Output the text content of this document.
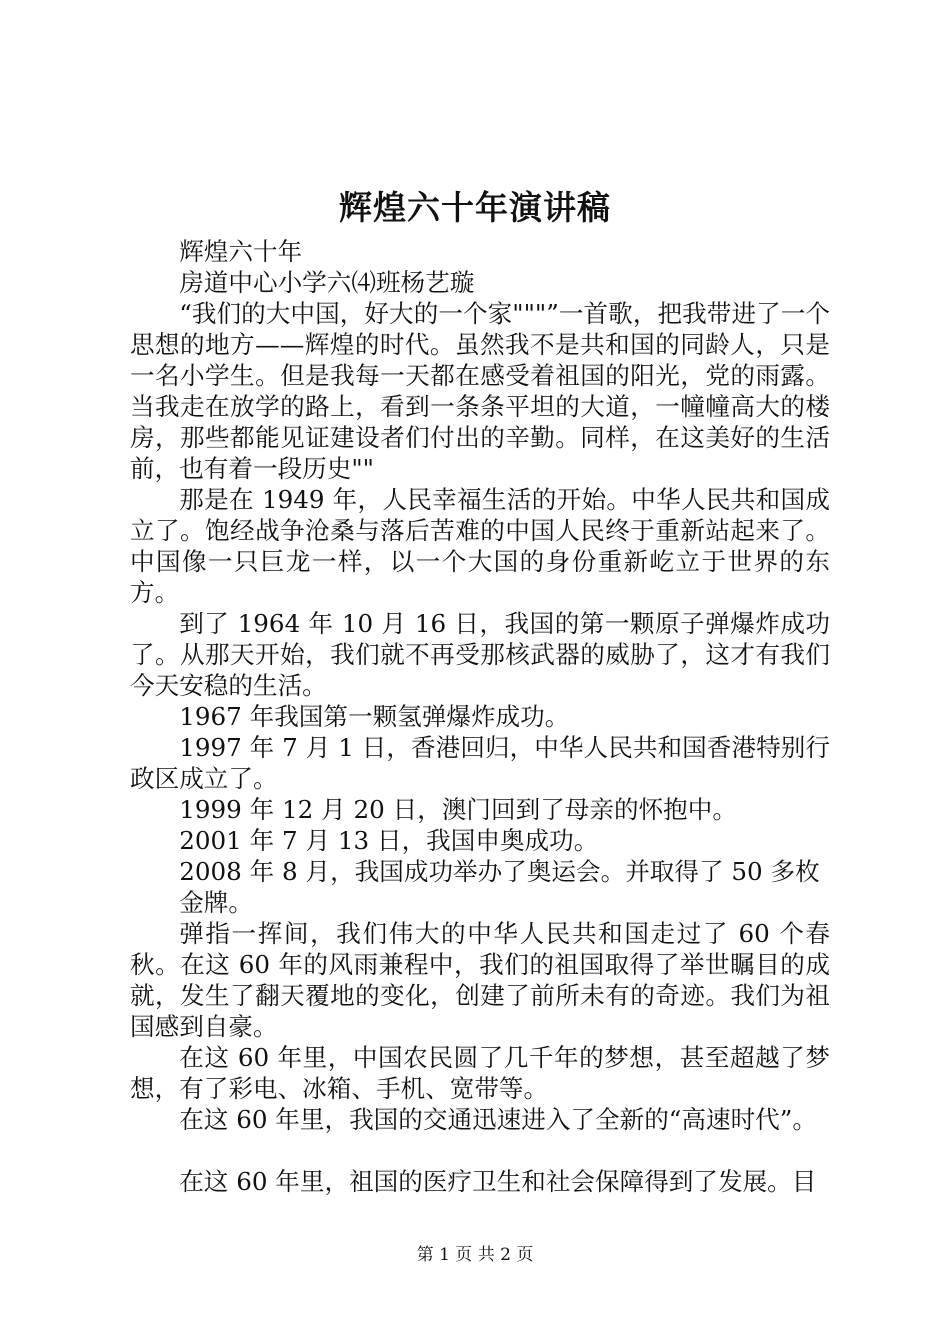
辉煌六十年演讲稿

辉煌六十年

房道中心小学六⑷班杨艺璇

“我们的大中国，好大的一个家"""”一首歌，把我带进了一个思想的地方——辉煌的时代。虽然我不是共和国的同龄人，只是一名小学生。但是我每一天都在感受着祖国的阳光，党的雨露。当我走在放学的路上，看到一条条平坦的大道，一幢幢高大的楼房，那些都能见证建设者们付出的辛勤。同样，在这美好的生活前，也有着一段历史""

那是在 1949 年，人民幸福生活的开始。中华人民共和国成立了。饱经战争沧桑与落后苦难的中国人民终于重新站起来了。中国像一只巨龙一样，以一个大国的身份重新屹立于世界的东方。

到了 1964 年 10 月 16 日，我国的第一颗原子弹爆炸成功了。从那天开始，我们就不再受那核武器的威胁了，这才有我们今天安稳的生活。

1967 年我国第一颗氢弹爆炸成功。

1997 年 7 月 1 日，香港回归，中华人民共和国香港特别行政区成立了。

1999 年 12 月 20 日，澳门回到了母亲的怀抱中。

2001 年 7 月 13 日，我国申奥成功。

2008 年 8 月，我国成功举办了奥运会。并取得了 50 多枚

金牌。

弹指一挥间，我们伟大的中华人民共和国走过了 60 个春秋。在这 60 年的风雨兼程中，我们的祖国取得了举世瞩目的成就，发生了翻天覆地的变化，创建了前所未有的奇迹。我们为祖国感到自豪。

在这 60 年里，中国农民圆了几千年的梦想，甚至超越了梦想，有了彩电、冰箱、手机、宽带等。

在这 60 年里，我国的交通迅速进入了全新的“高速时代”。

在这 60 年里，祖国的医疗卫生和社会保障得到了发展。目

第 1 页 共 2 页
